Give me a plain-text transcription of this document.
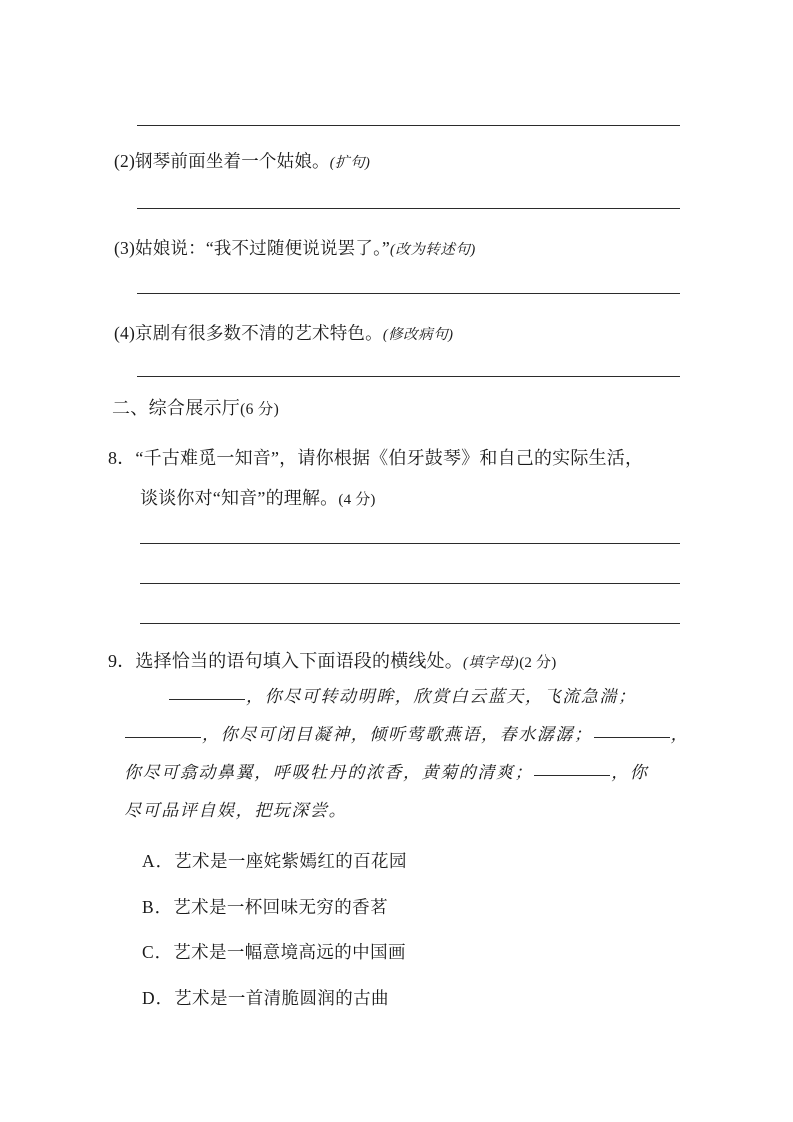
(2)钢琴前面坐着一个姑娘。(扩句)
(3)姑娘说：“我不过随便说说罢了。”(改为转述句)
(4)京剧有很多数不清的艺术特色。(修改病句)
二、综合展示厅(6 分)
8．“千古难觅一知音”，请你根据《伯牙鼓琴》和自己的实际生活，
谈谈你对“知音”的理解。(4 分)
9．选择恰当的语句填入下面语段的横线处。(填字母)(2 分)
，你尽可转动明眸，欣赏白云蓝天，飞流急湍；
，你尽可闭目凝神，倾听莺歌燕语，春水潺潺；	，
你尽可翕动鼻翼，呼吸牡丹的浓香，黄菊的清爽；	，你
尽可品评自娱，把玩深尝。
A．艺术是一座姹紫嫣红的百花园
B．艺术是一杯回味无穷的香茗
C．艺术是一幅意境高远的中国画
D．艺术是一首清脆圆润的古曲
